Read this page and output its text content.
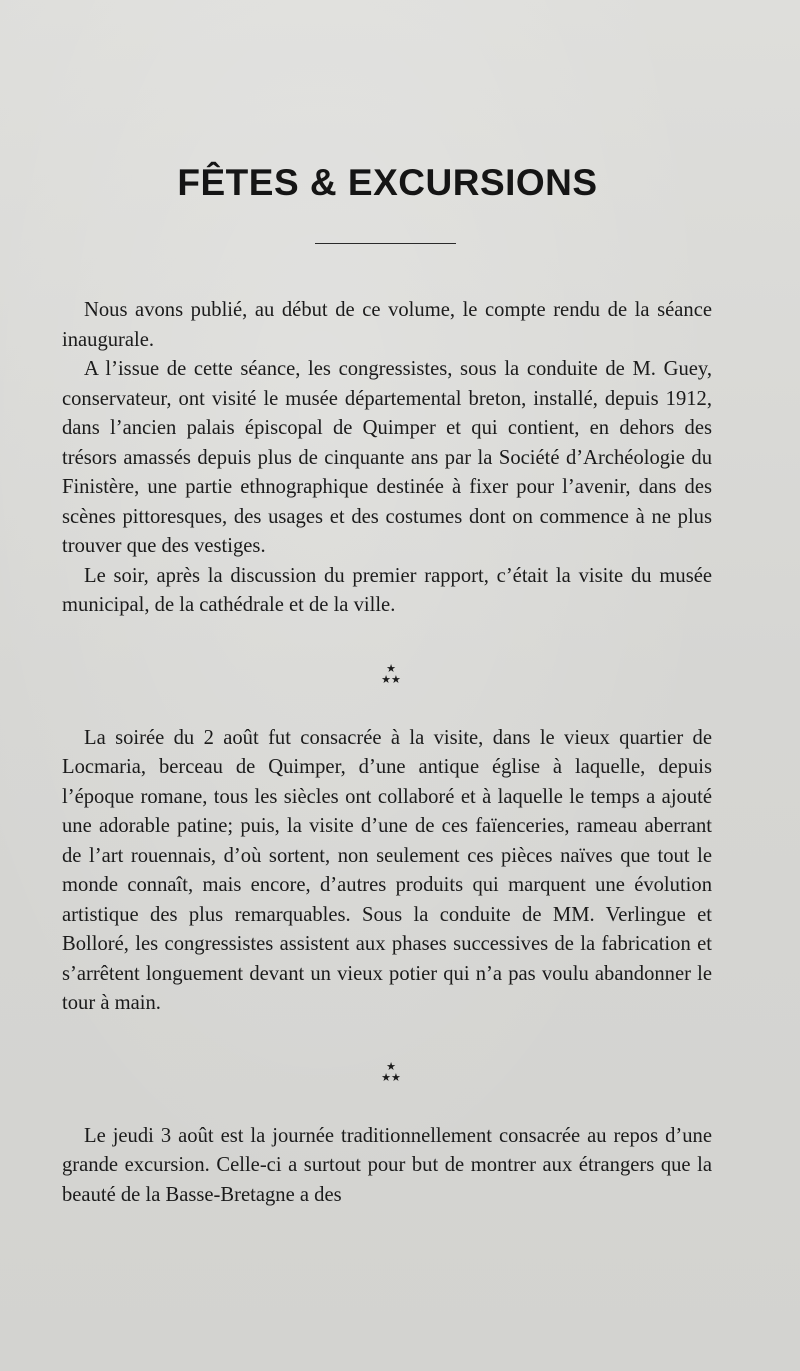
FÊTES & EXCURSIONS

Nous avons publié, au début de ce volume, le compte rendu de la séance inaugurale.

A l’issue de cette séance, les congressistes, sous la conduite de M. Guey, conservateur, ont visité le musée départemental breton, installé, depuis 1912, dans l’ancien palais épiscopal de Quimper et qui contient, en dehors des trésors amassés depuis plus de cinquante ans par la Société d’Archéologie du Finistère, une partie ethnographique destinée à fixer pour l’avenir, dans des scènes pittoresques, des usages et des costumes dont on commence à ne plus trouver que des vestiges.

Le soir, après la discussion du premier rapport, c’était la visite du musée municipal, de la cathédrale et de la ville.

★
★★

La soirée du 2 août fut consacrée à la visite, dans le vieux quartier de Locmaria, berceau de Quimper, d’une antique église à laquelle, depuis l’époque romane, tous les siècles ont collaboré et à laquelle le temps a ajouté une adorable patine; puis, la visite d’une de ces faïenceries, rameau aberrant de l’art rouennais, d’où sortent, non seulement ces pièces naïves que tout le monde connaît, mais encore, d’autres produits qui marquent une évolution artistique des plus remarquables. Sous la conduite de MM. Verlingue et Bolloré, les congressistes assistent aux phases successives de la fabrication et s’arrêtent longuement devant un vieux potier qui n’a pas voulu abandonner le tour à main.

★
★★

Le jeudi 3 août est la journée traditionnellement consacrée au repos d’une grande excursion. Celle-ci a surtout pour but de montrer aux étrangers que la beauté de la Basse-Bretagne a des
